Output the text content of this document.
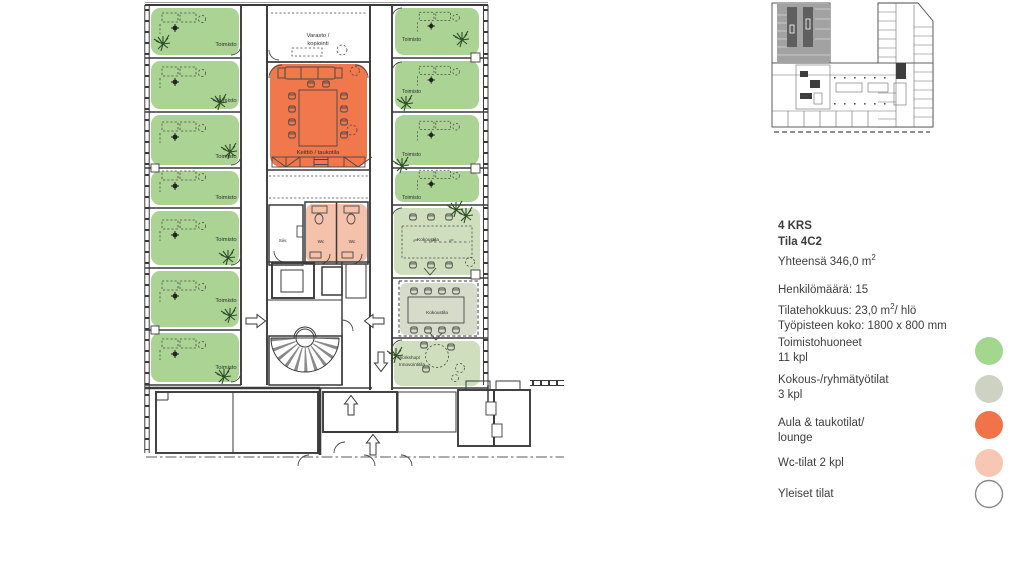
Toimisto
Toimisto
Toimisto
Toimisto
Toimisto
Toimisto
Toimisto
Toimisto
Toimisto
Toimisto
Toimisto
Varasto /
kopiointi
Keittiö / taukotila
Siiv.	Wc	Wc	Kokoustila
Kokoustila
Workshop/
Innovointitila
4 KRS
Tila 4C2
Yhteensä 346,0 $m^2$
Henkilömäärä: 15
Tilatehokkuus: 23,0 $m^2/$ hlö
Työpisteen koko: 1800 x 800 mm
Toimistohuoneet
11 kpl
Kokous-/ryhmätyötilat
3 kpl
Aula & taukotilat/
lounge
Wc-tilat 2 kpl
Yleiset tilat
